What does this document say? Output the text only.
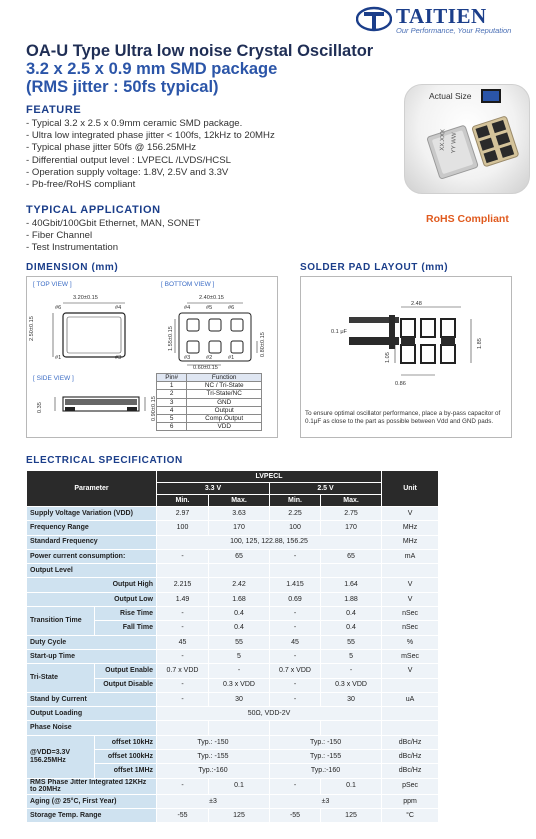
TAITIEN
Our Performance, Your Reputation
OA-U Type Ultra low noise Crystal Oscillator
3.2 x 2.5 x 0.9 mm SMD package
(RMS jitter : 50fs typical)
FEATURE
- Typical 3.2 x 2.5 x 0.9mm ceramic SMD package.
- Ultra low integrated phase jitter < 100fs, 12kHz to 20MHz
- Typical phase jitter 50fs @ 156.25MHz
- Differential output level : LVPECL /LVDS/HCSL
- Operation supply voltage: 1.8V, 2.5V and 3.3V
- Pb-free/RoHS compliant
TYPICAL APPLICATION
- 40Gbit/100Gbit Ethernet, MAN, SONET
- Fiber Channel
- Test Instrumentation
Actual Size
XX.XXX YY WW
RoHS Compliant
DIMENSION (mm)	SOLDER PAD LAYOUT (mm)
[ TOP VIEW ]	[ BOTTOM VIEW ]
[ SIDE VIEW ]
3.20±0.15
2.50±0.15
#6	#4
#1	#3
2.40±0.15
1.55±0.15	0.80±0.15
0.60±0.15
#4	#5	#6
#3	#2	#1
0.35	0.90±0.15
Pin#	Function
1	NC / Tri-State
2	Tri-State/NC
3	GND
4	Output
5	Comp.Output
6	VDD
2.48
0.1 μF
1.05
0.86
1.85
To ensure optimal oscillator performance, place a by-pass capacitor of 0.1μF as close to the part as possible between Vdd and GND pads.
ELECTRICAL SPECIFICATION
Parameter		LVPECL				Unit
		3.3 V		2.5 V		
		Min.	Max.	Min.	Max.	
Supply Voltage Variation (VDD)		2.97	3.63	2.25	2.75	V
Frequency Range		100	170	100	170	MHz
Standard Frequency		100, 125, 122.88, 156.25				MHz
Power current consumption:		-	65	-	65	mA
Output Level						
Output High		2.215	2.42	1.415	1.64	V
Output Low		1.49	1.68	0.69	1.88	V
Transition Time	Rise Time	-	0.4	-	0.4	nSec
	Fall Time	-	0.4	-	0.4	nSec
Duty Cycle		45	55	45	55	%
Start-up Time		-	5	-	5	mSec
Tri-State	Output Enable	0.7 x VDD	-	0.7 x VDD	-	V
	Output Disable	-	0.3 x VDD	-	0.3 x VDD	
Stand by Current		-	30	-	30	uA
Output Loading		50Ω, VDD-2V				
Phase Noise						
@VDD=3.3V 156.25MHz	offset 10kHz	Typ.: -150		Typ.: -150		dBc/Hz
	offset 100kHz	Typ.: -155		Typ.: -155		dBc/Hz
	offset 1MHz	Typ.:-160		Typ.:-160		dBc/Hz
RMS Phase Jitter Integrated 12KHz to 20MHz		-	0.1	-	0.1	pSec
Aging (@ 25°C, First Year)		±3		±3		ppm
Storage Temp. Range		-55	125	-55	125	°C
